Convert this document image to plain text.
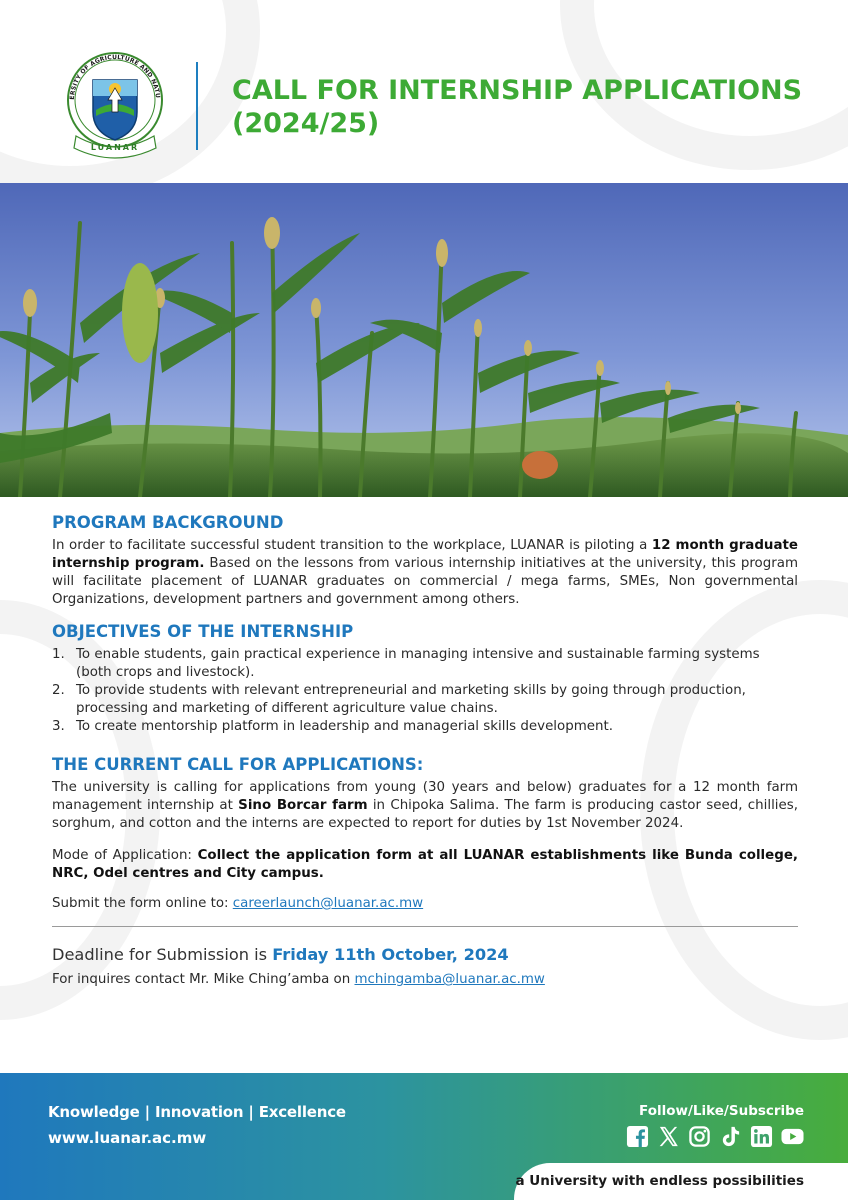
ERSITY OF AGRICULTURE AND NATU
LUANAR
CALL FOR INTERNSHIP APPLICATIONS
(2024/25)
PROGRAM BACKGROUND

In order to facilitate successful student transition to the workplace, LUANAR is piloting a 12 month graduate internship program. Based on the lessons from various internship initiatives at the university, this program will facilitate placement of LUANAR graduates on commercial / mega farms, SMEs, Non governmental Organizations, development partners and government among others.

OBJECTIVES OF THE INTERNSHIP
1. To enable students, gain practical experience in managing intensive and sustainable farming systems (both crops and livestock).
2. To provide students with relevant entrepreneurial and marketing skills by going through production, processing and marketing of different agriculture value chains.
3. To create mentorship platform in leadership and managerial skills development.
THE CURRENT CALL FOR APPLICATIONS:

The university is calling for applications from young (30 years and below) graduates for a 12 month farm management internship at Sino Borcar farm in Chipoka Salima. The farm is producing castor seed, chillies, sorghum, and cotton and the interns are expected to report for duties by 1st November 2024.

Mode of Application: Collect the application form at all LUANAR establishments like Bunda college, NRC, Odel centres and City campus.

Submit the form online to: careerlaunch@luanar.ac.mw

Deadline for Submission is Friday 11th October, 2024

For inquires contact Mr. Mike Ching’amba on mchingamba@luanar.ac.mw

Knowledge | Innovation | Excellence
www.luanar.ac.mw
Follow/Like/Subscribe
a University with endless possibilities
